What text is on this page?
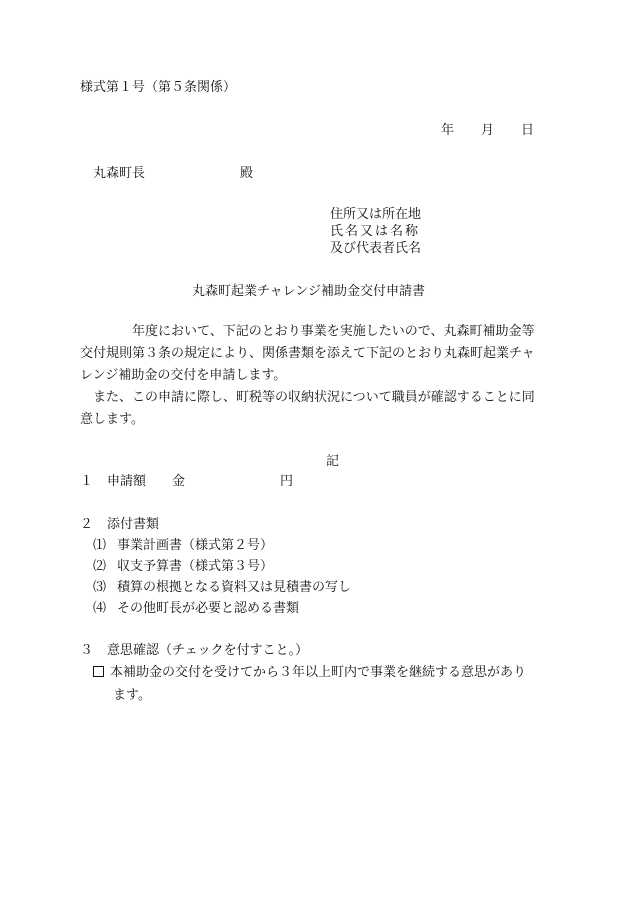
様式第１号（第５条関係）
年 月 日
丸森町長	殿
住所又は所在地
氏名又は名称
及び代表者氏名
丸森町起業チャレンジ補助金交付申請書
　　　　年度において、下記のとおり事業を実施したいので、丸森町補助金等
交付規則第３条の規定により、関係書類を添えて下記のとおり丸森町起業チャ
レンジ補助金の交付を申請します。
　また、この申請に際し、町税等の収納状況について職員が確認することに同
意します。
記
１ 申請額 金	円
２ 添付書類
⑴ 事業計画書（様式第２号）
⑵ 収支予算書（様式第３号）
⑶ 積算の根拠となる資料又は見積書の写し
⑷ その他町長が必要と認める書類
３ 意思確認（チェックを付すこと。）
本補助金の交付を受けてから３年以上町内で事業を継続する意思があり
ます。
